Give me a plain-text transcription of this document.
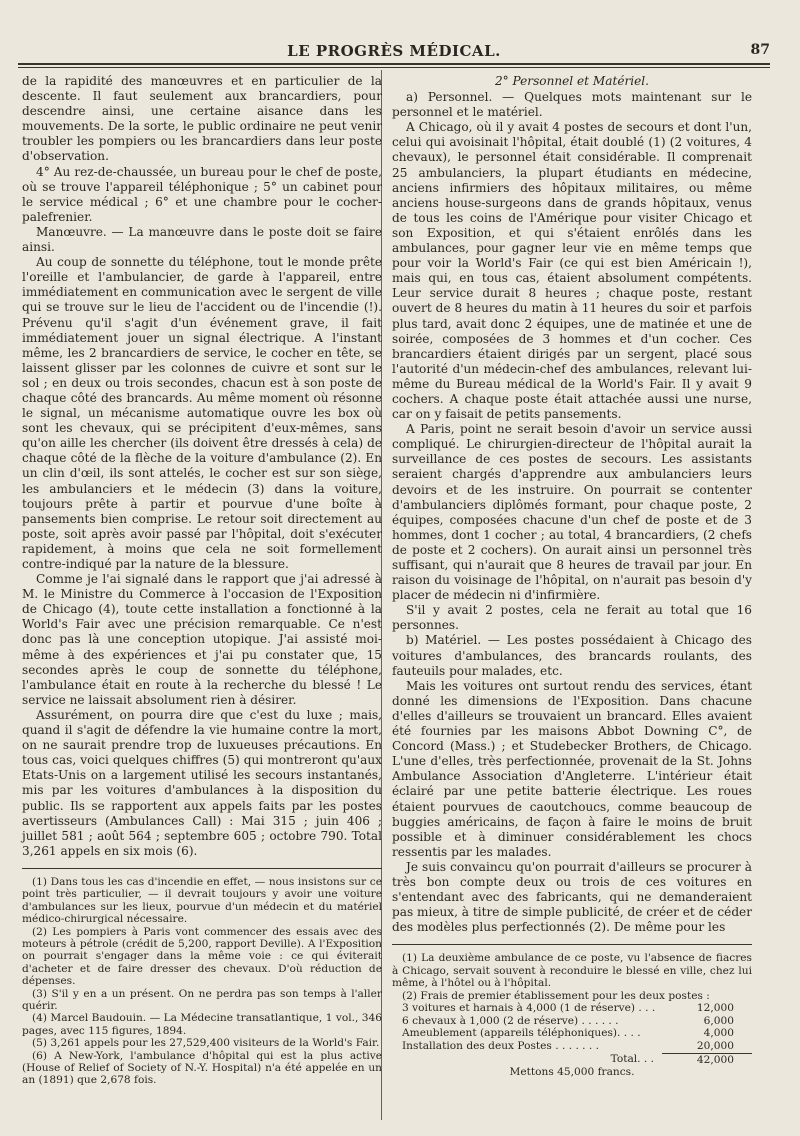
LE PROGRÈS MÉDICAL.	87

de la rapidité des manœuvres et en particulier de la descente. Il faut seulement aux brancardiers, pour descendre ainsi, une certaine aisance dans les mouvements. De la sorte, le public ordinaire ne peut venir troubler les pompiers ou les brancardiers dans leur poste d'observation.

4° Au rez-de-chaussée, un bureau pour le chef de poste, où se trouve l'appareil téléphonique ; 5° un cabinet pour le service médical ; 6° et une chambre pour le cocher-palefrenier.

Manœuvre. — La manœuvre dans le poste doit se faire ainsi.

Au coup de sonnette du téléphone, tout le monde prête l'oreille et l'ambulancier, de garde à l'appareil, entre immédiatement en communication avec le sergent de ville qui se trouve sur le lieu de l'accident ou de l'incendie (!). Prévenu qu'il s'agit d'un événement grave, il fait immédiatement jouer un signal électrique. A l'instant même, les 2 brancardiers de service, le cocher en tête, se laissent glisser par les colonnes de cuivre et sont sur le sol ; en deux ou trois secondes, chacun est à son poste de chaque côté des brancards. Au même moment où résonne le signal, un mécanisme automatique ouvre les box où sont les chevaux, qui se précipitent d'eux-mêmes, sans qu'on aille les chercher (ils doivent être dressés à cela) de chaque côté de la flèche de la voiture d'ambulance (2). En un clin d'œil, ils sont attelés, le cocher est sur son siège, les ambulanciers et le médecin (3) dans la voiture, toujours prête à partir et pourvue d'une boîte à pansements bien comprise. Le retour soit directement au poste, soit après avoir passé par l'hôpital, doit s'exécuter rapidement, à moins que cela ne soit formellement contre-indiqué par la nature de la blessure.

Comme je l'ai signalé dans le rapport que j'ai adressé à M. le Ministre du Commerce à l'occasion de l'Exposition de Chicago (4), toute cette installation a fonctionné à la World's Fair avec une précision remarquable. Ce n'est donc pas là une conception utopique. J'ai assisté moi-même à des expériences et j'ai pu constater que, 15 secondes après le coup de sonnette du téléphone, l'ambulance était en route à la recherche du blessé ! Le service ne laissait absolument rien à désirer.

Assurément, on pourra dire que c'est du luxe ; mais, quand il s'agit de défendre la vie humaine contre la mort, on ne saurait prendre trop de luxueuses précautions. En tous cas, voici quelques chiffres (5) qui montreront qu'aux Etats-Unis on a largement utilisé les secours instantanés, mis par les voitures d'ambulances à la disposition du public. Ils se rapportent aux appels faits par les postes avertisseurs (Ambulances Call) : Mai 315 ; juin 406 ; juillet 581 ; août 564 ; septembre 605 ; octobre 790. Total 3,261 appels en six mois (6).

(1) Dans tous les cas d'incendie en effet, — nous insistons sur ce point très particulier, — il devrait toujours y avoir une voiture d'ambulances sur les lieux, pourvue d'un médecin et du matériel médico-chirurgical nécessaire.

(2) Les pompiers à Paris vont commencer des essais avec des moteurs à pétrole (crédit de 5,200, rapport Deville). A l'Exposition on pourrait s'engager dans la même voie : ce qui éviterait d'acheter et de faire dresser des chevaux. D'où réduction de dépenses.

(3) S'il y en a un présent. On ne perdra pas son temps à l'aller quérir.

(4) Marcel Baudouin. — La Médecine transatlantique, 1 vol., 346 pages, avec 115 figures, 1894.

(5) 3,261 appels pour les 27,529,400 visiteurs de la World's Fair.

(6) A New-York, l'ambulance d'hôpital qui est la plus active (House of Relief of Society of N.-Y. Hospital) n'a été appelée en un an (1891) que 2,678 fois.

2° Personnel et Matériel.

a) Personnel. — Quelques mots maintenant sur le personnel et le matériel.

A Chicago, où il y avait 4 postes de secours et dont l'un, celui qui avoisinait l'hôpital, était doublé (1) (2 voitures, 4 chevaux), le personnel était considérable. Il comprenait 25 ambulanciers, la plupart étudiants en médecine, anciens infirmiers des hôpitaux militaires, ou même anciens house-surgeons dans de grands hôpitaux, venus de tous les coins de l'Amérique pour visiter Chicago et son Exposition, et qui s'étaient enrôlés dans les ambulances, pour gagner leur vie en même temps que pour voir la World's Fair (ce qui est bien Américain !), mais qui, en tous cas, étaient absolument compétents. Leur service durait 8 heures ; chaque poste, restant ouvert de 8 heures du matin à 11 heures du soir et parfois plus tard, avait donc 2 équipes, une de matinée et une de soirée, composées de 3 hommes et d'un cocher. Ces brancardiers étaient dirigés par un sergent, placé sous l'autorité d'un médecin-chef des ambulances, relevant lui-même du Bureau médical de la World's Fair. Il y avait 9 cochers. A chaque poste était attachée aussi une nurse, car on y faisait de petits pansements.

A Paris, point ne serait besoin d'avoir un service aussi compliqué. Le chirurgien-directeur de l'hôpital aurait la surveillance de ces postes de secours. Les assistants seraient chargés d'apprendre aux ambulanciers leurs devoirs et de les instruire. On pourrait se contenter d'ambulanciers diplômés formant, pour chaque poste, 2 équipes, composées chacune d'un chef de poste et de 3 hommes, dont 1 cocher ; au total, 4 brancardiers, (2 chefs de poste et 2 cochers). On aurait ainsi un personnel très suffisant, qui n'aurait que 8 heures de travail par jour. En raison du voisinage de l'hôpital, on n'aurait pas besoin d'y placer de médecin ni d'infirmière.

S'il y avait 2 postes, cela ne ferait au total que 16 personnes.

b) Matériel. — Les postes possédaient à Chicago des voitures d'ambulances, des brancards roulants, des fauteuils pour malades, etc.

Mais les voitures ont surtout rendu des services, étant donné les dimensions de l'Exposition. Dans chacune d'elles d'ailleurs se trouvaient un brancard. Elles avaient été fournies par les maisons Abbot Downing C°, de Concord (Mass.) ; et Studebecker Brothers, de Chicago. L'une d'elles, très perfectionnée, provenait de la St. Johns Ambulance Association d'Angleterre. L'intérieur était éclairé par une petite batterie électrique. Les roues étaient pourvues de caoutchoucs, comme beaucoup de buggies américains, de façon à faire le moins de bruit possible et à diminuer considérablement les chocs ressentis par les malades.

Je suis convaincu qu'on pourrait d'ailleurs se procurer à très bon compte deux ou trois de ces voitures en s'entendant avec des fabricants, qui ne demanderaient pas mieux, à titre de simple publicité, de créer et de céder des modèles plus perfectionnés (2). De même pour les

(1) La deuxième ambulance de ce poste, vu l'absence de fiacres à Chicago, servait souvent à reconduire le blessé en ville, chez lui même, à l'hôtel ou à l'hôpital.

(2) Frais de premier établissement pour les deux postes :
3 voitures et harnais à 4,000 (1 de réserve) . . .	12,000
6 chevaux à 1,000 (2 de réserve) . . . . . .	6,000
Ameublement (appareils téléphoniques). . . .	4,000
Installation des deux Postes . . . . . . .	20,000
Total. . .	42,000
Mettons 45,000 francs.
